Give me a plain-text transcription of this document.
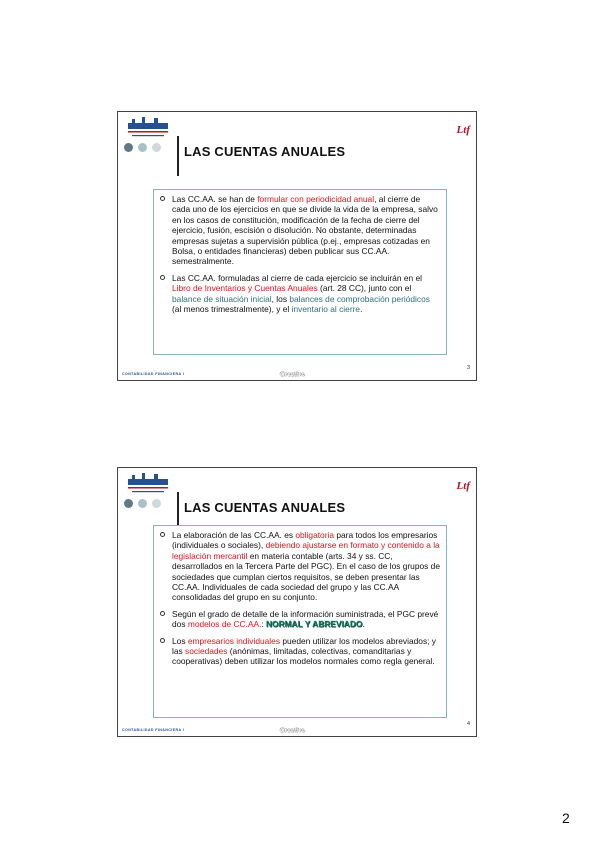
Ltf
LAS CUENTAS ANUALES
Las CC.AA. se han de formular con periodicidad anual, al cierre de cada uno de los ejercicios en que se divide la vida de la empresa, salvo en los casos de constitución, modificación de la fecha de cierre del ejercicio, fusión, escisión o disolución. No obstante, determinadas empresas sujetas a supervisión pública (p.ej., empresas cotizadas en Bolsa, o entidades financieras) deben publicar sus CC.AA. semestralmente.
Las CC.AA. formuladas al cierre de cada ejercicio se incluirán en el Libro de Inventarios y Cuentas Anuales (art. 28 CC), junto con el balance de situación inicial, los balances de comprobación periódicos (al menos trimestralmente), y el inventario al cierre.
CONTABILIDAD FINANCIERA I	Creativo
3
Ltf
LAS CUENTAS ANUALES
La elaboración de las CC.AA. es obligatoria para todos los empresarios (individuales o sociales), debiendo ajustarse en formato y contenido a la legislación mercantil en materia contable (arts. 34 y ss. CC, desarrollados en la Tercera Parte del PGC). En el caso de los grupos de sociedades que cumplan ciertos requisitos, se deben presentar las CC.AA. Individuales de cada sociedad del grupo y las CC.AA consolidadas del grupo en su conjunto.
Según el grado de detalle de la información suministrada, el PGC prevé dos modelos de CC.AA.: NORMAL Y ABREVIADO.
Los empresarios individuales pueden utilizar los modelos abreviados; y las sociedades (anónimas, limitadas, colectivas, comanditarias y cooperativas) deben utilizar los modelos normales como regla general.
CONTABILIDAD FINANCIERA I	Creativo
4
2
